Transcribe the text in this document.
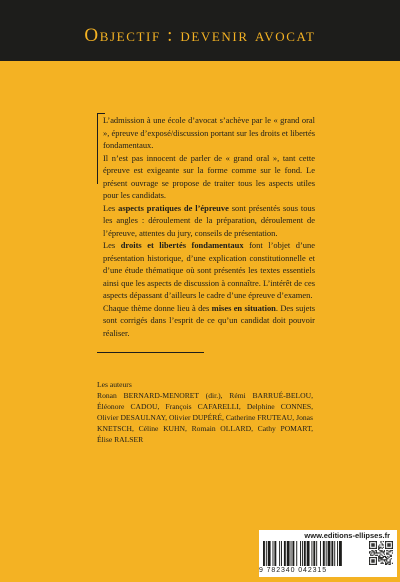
Objectif : devenir avocat

L’admission à une école d’avocat s’achève par le « grand oral », épreuve d’exposé/discussion portant sur les droits et libertés fondamentaux.

Il n’est pas innocent de parler de « grand oral », tant cette épreuve est exigeante sur la forme comme sur le fond. Le présent ouvrage se propose de traiter tous les aspects utiles pour les candidats.

Les aspects pratiques de l’épreuve sont présentés sous tous les angles : déroulement de la préparation, déroulement de l’épreuve, attentes du jury, conseils de présentation.

Les droits et libertés fondamentaux font l’objet d’une présentation historique, d’une explication constitutionnelle et d’une étude thématique où sont présentés les textes essentiels ainsi que les aspects de discussion à connaître. L’intérêt de ces aspects dépassant d’ailleurs le cadre d’une épreuve d’examen.

Chaque thème donne lieu à des mises en situation. Des sujets sont corrigés dans l’esprit de ce qu’un candidat doit pouvoir réaliser.

Les auteurs
Ronan BERNARD-MENORET (dir.), Rémi BARRUÉ-BELOU, Éléonore CADOU, François CAFARELLI, Delphine CONNES, Olivier DESAULNAY, Olivier DUPÉRÉ, Catherine FRUTEAU, Jonas KNETSCH, Céline KUHN, Romain OLLARD, Cathy POMART, Élise RALSER
www.editions-ellipses.fr
9 782340 042315
